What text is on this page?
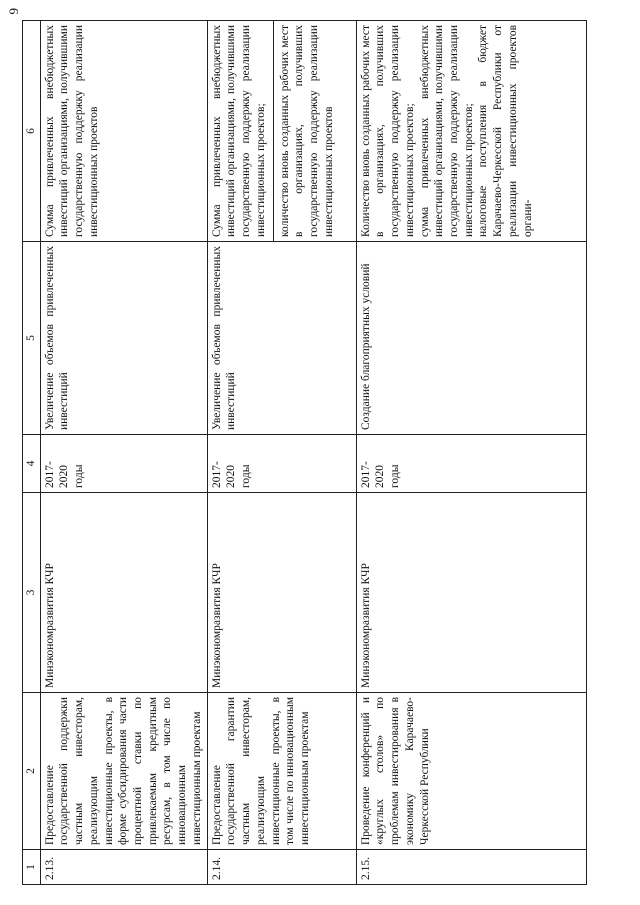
9
1	2	3	4	5	6
2.13.	Предоставление государственной поддержки частным инвесторам, реализующим инвестиционные проекты, в форме субсидирования части процентной ставки по привлекаемым кредитным ресурсам, в том числе по инновационным инвестиционным проектам	Минэкономразвития КЧР	2017-2020 годы	Увеличение объемов привлеченных инвестиций	Сумма привлеченных внебюджетных инвестиций организациями, получившими государственную поддержку реализации инвестиционных проектов

2.14.	Предоставление государственной гарантии частным инвесторам, реализующим инвестиционные проекты, в том числе по инновационным инвестиционным проектам	Минэкономразвития КЧР	2017-2020 годы	Увеличение объемов привлеченных инвестиций	Сумма привлеченных внебюджетных инвестиций организациями, получившими государственную поддержку реализации инвестиционных проектов; количество вновь созданных рабочих мест в организациях, получивших государственную поддержку реализации инвестиционных проектов

2.15.	Проведение конференций и «круглых столов» по проблемам инвестирования в экономику Карачаево-Черкесской Республики	Минэкономразвития КЧР	2017-2020 годы	Создание благоприятных условий	Количество вновь созданных рабочих мест в организациях, получивших государственную поддержку реализации инвестиционных проектов; сумма привлеченных внебюджетных инвестиций организациями, получившими государственную поддержку реализации инвестиционных проектов; налоговые поступления в бюджет Карачаево-Черкесской Республики от реализации инвестиционных проектов органи-
